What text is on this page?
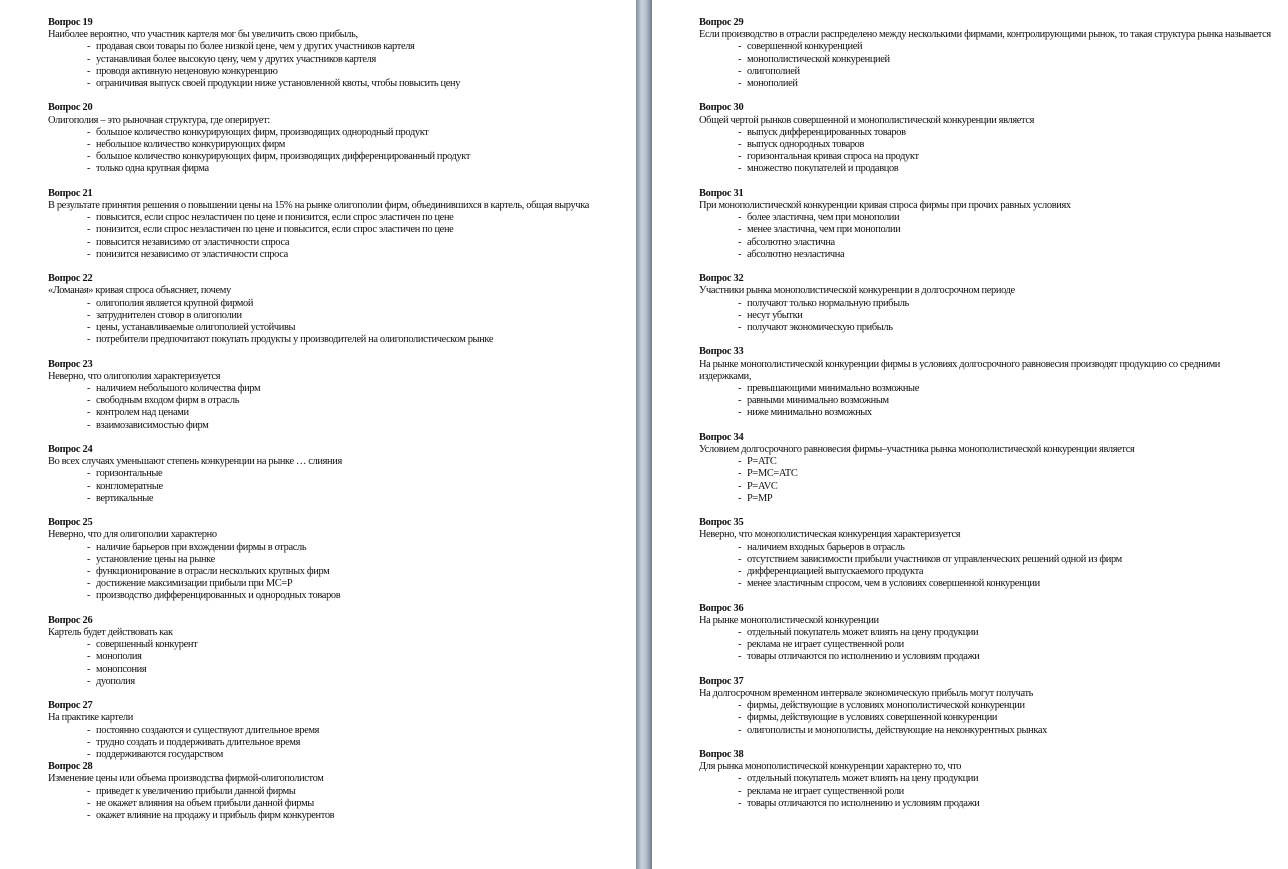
Вопрос 19
Наиболее вероятно, что участник картеля мог бы увеличить свою прибыль,
- продавая свои товары по более низкой цене, чем у других участников картеля
- устанавливая более высокую цену, чем у других участников картеля
- проводя активную неценовую конкуренцию
- ограничивая выпуск своей продукции ниже установленной квоты, чтобы повысить цену
Вопрос 20
Олигополия – это рыночная структура, где оперирует:
- большое количество конкурирующих фирм, производящих однородный продукт
- небольшое количество конкурирующих фирм
- большое количество конкурирующих фирм, производящих дифференцированный продукт
- только одна крупная фирма
Вопрос 21
В результате принятия решения о повышении цены на 15% на рынке олигополии фирм, объединившихся в картель, общая выручка
- повысится, если спрос неэластичен по цене и понизится, если спрос эластичен по цене
- понизится, если спрос неэластичен по цене и повысится, если спрос эластичен по цене
- повысится независимо от эластичности спроса
- понизится независимо от эластичности спроса
Вопрос 22
«Ломаная» кривая спроса объясняет, почему
- олигополия является крупной фирмой
- затруднителен сговор в олигополии
- цены, устанавливаемые олигополией устойчивы
- потребители предпочитают покупать продукты у производителей на олигополистическом рынке
Вопрос 23
Неверно, что олигополия характеризуется
- наличием небольшого количества фирм
- свободным входом фирм в отрасль
- контролем над ценами
- взаимозависимостью фирм
Вопрос 24
Во всех случаях уменьшают степень конкуренции на рынке … слияния
- горизонтальные
- конгломератные
- вертикальные
Вопрос 25
Неверно, что для олигополии характерно
- наличие барьеров при вхождении фирмы в отрасль
- установление цены на рынке
- функционирование в отрасли нескольких крупных фирм
- достижение максимизации прибыли при MC=P
- производство дифференцированных и однородных товаров
Вопрос 26
Картель будет действовать как
- совершенный конкурент
- монополия
- монопсония
- дуополия
Вопрос 27
На практике картели
- постоянно создаются и существуют длительное время
- трудно создать и поддерживать длительное время
- поддерживаются государством
Вопрос 28
Изменение цены или объема производства фирмой-олигополистом
- приведет к увеличению прибыли данной фирмы
- не окажет влияния на объем прибыли данной фирмы
- окажет влияние на продажу и прибыль фирм конкурентов
Вопрос 29
Если производство в отрасли распределено между несколькими фирмами, контролирующими рынок, то такая структура рынка называется
- совершенной конкуренцией
- монополистической конкуренцией
- олигополией
- монополией
Вопрос 30
Общей чертой рынков совершенной и монополистической конкуренции является
- выпуск дифференцированных товаров
- выпуск однородных товаров
- горизонтальная кривая спроса на продукт
- множество покупателей и продавцов
Вопрос 31
При монополистической конкуренции кривая спроса фирмы при прочих равных условиях
- более эластична, чем при монополии
- менее эластична, чем при монополии
- абсолютно эластична
- абсолютно неэластична
Вопрос 32
Участники рынка монополистической конкуренции в долгосрочном периоде
- получают только нормальную прибыль
- несут убытки
- получают экономическую прибыль
Вопрос 33
На рынке монополистической конкуренции фирмы в условиях долгосрочного равновесия производят продукцию со средними издержками,
- превышающими минимально возможные
- равными минимально возможным
- ниже минимально возможных
Вопрос 34
Условием долгосрочного равновесия фирмы–участника рынка монополистической конкуренции является
- P=ATC
- P=MC=ATC
- P=AVC
- P=MP
Вопрос 35
Неверно, что монополистическая конкуренция характеризуется
- наличием входных барьеров в отрасль
- отсутствием зависимости прибыли участников от управленческих решений одной из фирм
- дифференциацией выпускаемого продукта
- менее эластичным спросом, чем в условиях совершенной конкуренции
Вопрос 36
На рынке монополистической конкуренции
- отдельный покупатель может влиять на цену продукции
- реклама не играет существенной роли
- товары отличаются по исполнению и условиям продажи
Вопрос 37
На долгосрочном временном интервале экономическую прибыль могут получать
- фирмы, действующие в условиях монополистической конкуренции
- фирмы, действующие в условиях совершенной конкуренции
- олигополисты и монополисты, действующие на неконкурентных рынках
Вопрос 38
Для рынка монополистической конкуренции характерно то, что
- отдельный покупатель может влиять на цену продукции
- реклама не играет существенной роли
- товары отличаются по исполнению и условиям продажи
